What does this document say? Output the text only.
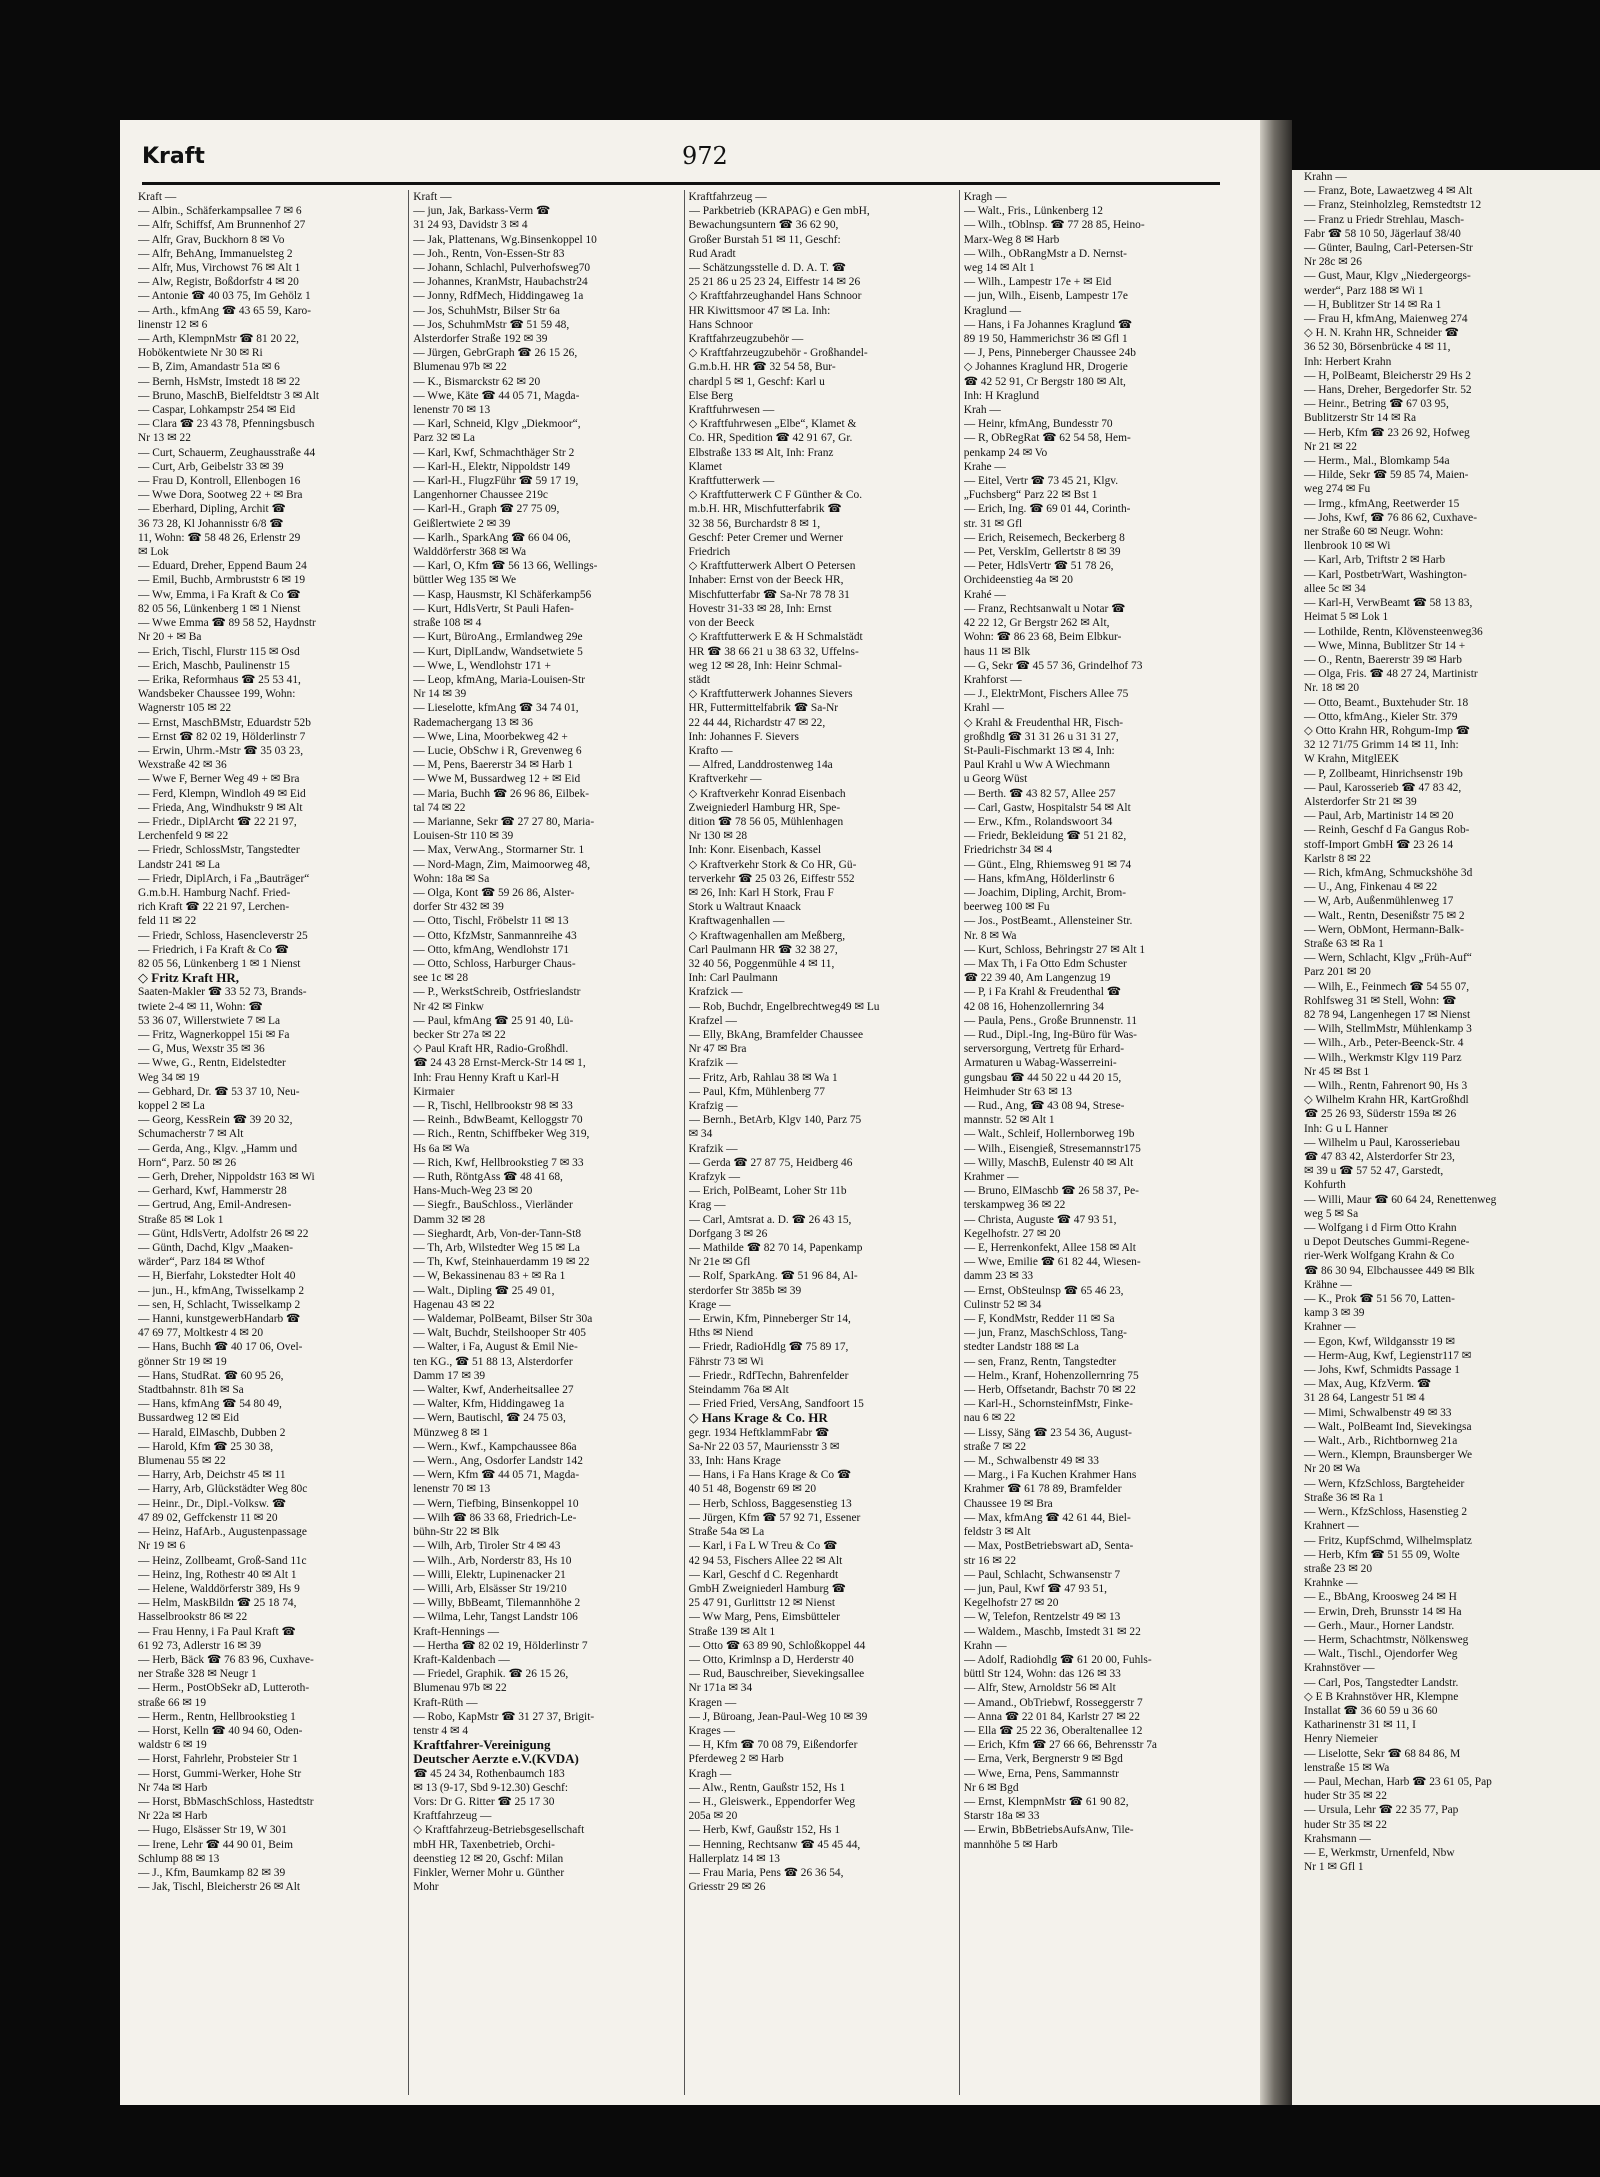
Kraft	972
Kraft —
— Albin., Schäferkampsallee 7 ✉ 6
— Alfr, Schiffsf, Am Brunnenhof 27
— Alfr, Grav, Buckhorn 8 ✉ Vo
— Alfr, BehAng, Immanuelsteg 2
— Alfr, Mus, Virchowst 76 ✉ Alt 1
— Alw, Registr, Boßdorfstr 4 ✉ 20
— Antonie ☎ 40 03 75, Im Gehölz 1
— Arth., kfmAng ☎ 43 65 59, Karo-
linenstr 12 ✉ 6
— Arth, KlempnMstr ☎ 81 20 22,
Hobökentwiete Nr 30 ✉ Ri
— B, Zim, Amandastr 51a ✉ 6
— Bernh, HsMstr, Imstedt 18 ✉ 22
— Bruno, MaschB, Bielfeldtstr 3 ✉ Alt
— Caspar, Lohkampstr 254 ✉ Eid
— Clara ☎ 23 43 78, Pfenningsbusch
Nr 13 ✉ 22
— Curt, Schauerm, Zeughausstraße 44
— Curt, Arb, Geibelstr 33 ✉ 39
— Frau D, Kontroll, Ellenbogen 16
— Wwe Dora, Sootweg 22 + ✉ Bra
— Eberhard, Dipling, Archit ☎
36 73 28, Kl Johannisstr 6/8 ☎
11, Wohn: ☎ 58 48 26, Erlenstr 29
✉ Lok
— Eduard, Dreher, Eppend Baum 24
— Emil, Buchb, Armbruststr 6 ✉ 19
— Ww, Emma, i Fa Kraft & Co ☎
82 05 56, Lünkenberg 1 ✉ 1 Nienst
— Wwe Emma ☎ 89 58 52, Haydnstr
Nr 20 + ✉ Ba
— Erich, Tischl, Flurstr 115 ✉ Osd
— Erich, Maschb, Paulinenstr 15
— Erika, Reformhaus ☎ 25 53 41,
Wandsbeker Chaussee 199, Wohn:
Wagnerstr 105 ✉ 22
— Ernst, MaschBMstr, Eduardstr 52b
— Ernst ☎ 82 02 19, Hölderlinstr 7
— Erwin, Uhrm.-Mstr ☎ 35 03 23,
Wexstraße 42 ✉ 36
— Wwe F, Berner Weg 49 + ✉ Bra
— Ferd, Klempn, Windloh 49 ✉ Eid
— Frieda, Ang, Windhukstr 9 ✉ Alt
— Friedr., DiplArcht ☎ 22 21 97,
Lerchenfeld 9 ✉ 22
— Friedr, SchlossMstr, Tangstedter
Landstr 241 ✉ La
— Friedr, DiplArch, i Fa „Bauträger“
G.m.b.H. Hamburg Nachf. Fried-
rich Kraft ☎ 22 21 97, Lerchen-
feld 11 ✉ 22
— Friedr, Schloss, Hasencleverstr 25
— Friedrich, i Fa Kraft & Co ☎
82 05 56, Lünkenberg 1 ✉ 1 Nienst
◇ Fritz Kraft HR,
Saaten-Makler ☎ 33 52 73, Brands-
twiete 2-4 ✉ 11, Wohn: ☎
53 36 07, Willerstwiete 7 ✉ La
— Fritz, Wagnerkoppel 15i ✉ Fa
— G, Mus, Wexstr 35 ✉ 36
— Wwe, G., Rentn, Eidelstedter
Weg 34 ✉ 19
— Gebhard, Dr. ☎ 53 37 10, Neu-
koppel 2 ✉ La
— Georg, KessRein ☎ 39 20 32,
Schumacherstr 7 ✉ Alt
— Gerda, Ang., Klgv. „Hamm und
Horn“, Parz. 50 ✉ 26
— Gerh, Dreher, Nippoldstr 163 ✉ Wi
— Gerhard, Kwf, Hammerstr 28
— Gertrud, Ang, Emil-Andresen-
Straße 85 ✉ Lok 1
— Günt, HdlsVertr, Adolfstr 26 ✉ 22
— Günth, Dachd, Klgv „Maaken-
wärder“, Parz 184 ✉ Wthof
— H, Bierfahr, Lokstedter Holt 40
— jun., H., kfmAng, Twisselkamp 2
— sen, H, Schlacht, Twisselkamp 2
— Hanni, kunstgewerbHandarb ☎
47 69 77, Moltkestr 4 ✉ 20
— Hans, Buchh ☎ 40 17 06, Ovel-
gönner Str 19 ✉ 19
— Hans, StudRat. ☎ 60 95 26,
Stadtbahnstr. 81h ✉ Sa
— Hans, kfmAng ☎ 54 80 49,
Bussardweg 12 ✉ Eid
— Harald, ElMaschb, Dubben 2
— Harold, Kfm ☎ 25 30 38,
Blumenau 55 ✉ 22
— Harry, Arb, Deichstr 45 ✉ 11
— Harry, Arb, Glückstädter Weg 80c
— Heinr., Dr., Dipl.-Volksw. ☎
47 89 02, Geffckenstr 11 ✉ 20
— Heinz, HafArb., Augustenpassage
Nr 19 ✉ 6
— Heinz, Zollbeamt, Groß-Sand 11c
— Heinz, Ing, Rothestr 40 ✉ Alt 1
— Helene, Walddörferstr 389, Hs 9
— Helm, MaskBildn ☎ 25 18 74,
Hasselbrookstr 86 ✉ 22
— Frau Henny, i Fa Paul Kraft ☎
61 92 73, Adlerstr 16 ✉ 39
— Herb, Bäck ☎ 76 83 96, Cuxhave-
ner Straße 328 ✉ Neugr 1
— Herm., PostObSekr aD, Lutteroth-
straße 66 ✉ 19
— Herm., Rentn, Hellbrookstieg 1
— Horst, Kelln ☎ 40 94 60, Oden-
waldstr 6 ✉ 19
— Horst, Fahrlehr, Probsteier Str 1
— Horst, Gummi-Werker, Hohe Str
Nr 74a ✉ Harb
— Horst, BbMaschSchloss, Hastedtstr
Nr 22a ✉ Harb
— Hugo, Elsässer Str 19, W 301
— Irene, Lehr ☎ 44 90 01, Beim
Schlump 88 ✉ 13
— J., Kfm, Baumkamp 82 ✉ 39
— Jak, Tischl, Bleicherstr 26 ✉ Alt
Kraft —
— jun, Jak, Barkass-Verm ☎
31 24 93, Davidstr 3 ✉ 4
— Jak, Plattenans, Wg.Binsenkoppel 10
— Joh., Rentn, Von-Essen-Str 83
— Johann, Schlachl, Pulverhofsweg70
— Johannes, KranMstr, Haubachstr24
— Jonny, RdfMech, Hiddingaweg 1a
— Jos, SchuhMstr, Bilser Str 6a
— Jos, SchuhmMstr ☎ 51 59 48,
Alsterdorfer Straße 192 ✉ 39
— Jürgen, GebrGraph ☎ 26 15 26,
Blumenau 97b ✉ 22
— K., Bismarckstr 62 ✉ 20
— Wwe, Käte ☎ 44 05 71, Magda-
lenenstr 70 ✉ 13
— Karl, Schneid, Klgv „Diekmoor“,
Parz 32 ✉ La
— Karl, Kwf, Schmachthäger Str 2
— Karl-H., Elektr, Nippoldstr 149
— Karl-H., FlugzFühr ☎ 59 17 19,
Langenhorner Chaussee 219c
— Karl-H., Graph ☎ 27 75 09,
Geißlertwiete 2 ✉ 39
— Karlh., SparkAng ☎ 66 04 06,
Walddörferstr 368 ✉ Wa
— Karl, O, Kfm ☎ 56 13 66, Wellings-
büttler Weg 135 ✉ We
— Kasp, Hausmstr, Kl Schäferkamp56
— Kurt, HdlsVertr, St Pauli Hafen-
straße 108 ✉ 4
— Kurt, BüroAng., Ermlandweg 29e
— Kurt, DiplLandw, Wandsetwiete 5
— Wwe, L, Wendlohstr 171 +
— Leop, kfmAng, Maria-Louisen-Str
Nr 14 ✉ 39
— Lieselotte, kfmAng ☎ 34 74 01,
Rademachergang 13 ✉ 36
— Wwe, Lina, Moorbekweg 42 +
— Lucie, ObSchw i R, Grevenweg 6
— M, Pens, Baererstr 34 ✉ Harb 1
— Wwe M, Bussardweg 12 + ✉ Eid
— Maria, Buchh ☎ 26 96 86, Eilbek-
tal 74 ✉ 22
— Marianne, Sekr ☎ 27 27 80, Maria-
Louisen-Str 110 ✉ 39
— Max, VerwAng., Stormarner Str. 1
— Nord-Magn, Zim, Maimoorweg 48,
Wohn: 18a ✉ Sa
— Olga, Kont ☎ 59 26 86, Alster-
dorfer Str 432 ✉ 39
— Otto, Tischl, Fröbelstr 11 ✉ 13
— Otto, KfzMstr, Sanmannreihe 43
— Otto, kfmAng, Wendlohstr 171
— Otto, Schloss, Harburger Chaus-
see 1c ✉ 28
— P., WerkstSchreib, Ostfrieslandstr
Nr 42 ✉ Finkw
— Paul, kfmAng ☎ 25 91 40, Lü-
becker Str 27a ✉ 22
◇ Paul Kraft HR, Radio-Großhdl.
☎ 24 43 28 Ernst-Merck-Str 14 ✉ 1,
Inh: Frau Henny Kraft u Karl-H
Kirmaier
— R, Tischl, Hellbrookstr 98 ✉ 33
— Reinh., BdwBeamt, Kelloggstr 70
— Rich., Rentn, Schiffbeker Weg 319,
Hs 6a ✉ Wa
— Rich, Kwf, Hellbrookstieg 7 ✉ 33
— Ruth, RöntgAss ☎ 48 41 68,
Hans-Much-Weg 23 ✉ 20
— Siegfr., BauSchloss., Vierländer
Damm 32 ✉ 28
— Sieghardt, Arb, Von-der-Tann-St8
— Th, Arb, Wilstedter Weg 15 ✉ La
— Th, Kwf, Steinhauerdamm 19 ✉ 22
— W, Bekassinenau 83 + ✉ Ra 1
— Walt., Dipling ☎ 25 49 01,
Hagenau 43 ✉ 22
— Waldemar, PolBeamt, Bilser Str 30a
— Walt, Buchdr, Steilshooper Str 405
— Walter, i Fa, August & Emil Nie-
ten KG., ☎ 51 88 13, Alsterdorfer
Damm 17 ✉ 39
— Walter, Kwf, Anderheitsallee 27
— Walter, Kfm, Hiddingaweg 1a
— Wern, Bautischl, ☎ 24 75 03,
Münzweg 8 ✉ 1
— Wern., Kwf., Kampchaussee 86a
— Wern., Ang, Osdorfer Landstr 142
— Wern, Kfm ☎ 44 05 71, Magda-
lenenstr 70 ✉ 13
— Wern, Tiefbing, Binsenkoppel 10
— Wilh ☎ 86 33 68, Friedrich-Le-
bühn-Str 22 ✉ Blk
— Wilh, Arb, Tiroler Str 4 ✉ 43
— Wilh., Arb, Norderstr 83, Hs 10
— Willi, Elektr, Lupinenacker 21
— Willi, Arb, Elsässer Str 19/210
— Willy, BbBeamt, Tilemannhöhe 2
— Wilma, Lehr, Tangst Landstr 106
Kraft-Hennings —
— Hertha ☎ 82 02 19, Hölderlinstr 7
Kraft-Kaldenbach —
— Friedel, Graphik. ☎ 26 15 26,
Blumenau 97b ✉ 22
Kraft-Rüth —
— Robo, KapMstr ☎ 31 27 37, Brigit-
tenstr 4 ✉ 4
Kraftfahrer-Vereinigung
Deutscher Aerzte e.V.(KVDA)
☎ 45 24 34, Rothenbaumch 183
✉ 13 (9-17, Sbd 9-12.30) Geschf:
Vors: Dr G. Ritter ☎ 25 17 30
Kraftfahrzeug —
◇ Kraftfahrzeug-Betriebsgesellschaft
mbH HR, Taxenbetrieb, Orchi-
deenstieg 12 ✉ 20, Gschf: Milan
Finkler, Werner Mohr u. Günther
Mohr
Kraftfahrzeug —
— Parkbetrieb (KRAPAG) e Gen mbH,
Bewachungsuntern ☎ 36 62 90,
Großer Burstah 51 ✉ 11, Geschf:
Rud Aradt
— Schätzungsstelle d. D. A. T. ☎
25 21 86 u 25 23 24, Eiffestr 14 ✉ 26
◇ Kraftfahrzeughandel Hans Schnoor
HR Kiwittsmoor 47 ✉ La. Inh:
Hans Schnoor
Kraftfahrzeugzubehör —
◇ Kraftfahrzeugzubehör - Großhandel-
G.m.b.H. HR ☎ 32 54 58, Bur-
chardpl 5 ✉ 1, Geschf: Karl u
Else Berg
Kraftfuhrwesen —
◇ Kraftfuhrwesen „Elbe“, Klamet &
Co. HR, Spedition ☎ 42 91 67, Gr.
Elbstraße 133 ✉ Alt, Inh: Franz
Klamet
Kraftfutterwerk —
◇ Kraftfutterwerk C F Günther & Co.
m.b.H. HR, Mischfutterfabrik ☎
32 38 56, Burchardstr 8 ✉ 1,
Geschf: Peter Cremer und Werner
Friedrich
◇ Kraftfutterwerk Albert O Petersen
Inhaber: Ernst von der Beeck HR,
Mischfutterfabr ☎ Sa-Nr 78 78 31
Hovestr 31-33 ✉ 28, Inh: Ernst
von der Beeck
◇ Kraftfutterwerk E & H Schmalstädt
HR ☎ 38 66 21 u 38 63 32, Uffelns-
weg 12 ✉ 28, Inh: Heinr Schmal-
städt
◇ Kraftfutterwerk Johannes Sievers
HR, Futtermittelfabrik ☎ Sa-Nr
22 44 44, Richardstr 47 ✉ 22,
Inh: Johannes F. Sievers
Krafto —
— Alfred, Landdrostenweg 14a
Kraftverkehr —
◇ Kraftverkehr Konrad Eisenbach
Zweigniederl Hamburg HR, Spe-
dition ☎ 78 56 05, Mühlenhagen
Nr 130 ✉ 28
Inh: Konr. Eisenbach, Kassel
◇ Kraftverkehr Stork & Co HR, Gü-
terverkehr ☎ 25 03 26, Eiffestr 552
✉ 26, Inh: Karl H Stork, Frau F
Stork u Waltraut Knaack
Kraftwagenhallen —
◇ Kraftwagenhallen am Meßberg,
Carl Paulmann HR ☎ 32 38 27,
32 40 56, Poggenmühle 4 ✉ 11,
Inh: Carl Paulmann
Krafzick —
— Rob, Buchdr, Engelbrechtweg49 ✉ Lu
Krafzel —
— Elly, BkAng, Bramfelder Chaussee
Nr 47 ✉ Bra
Krafzik —
— Fritz, Arb, Rahlau 38 ✉ Wa 1
— Paul, Kfm, Mühlenberg 77
Krafzig —
— Bernh., BetArb, Klgv 140, Parz 75
✉ 34
Krafzik —
— Gerda ☎ 27 87 75, Heidberg 46
Krafzyk —
— Erich, PolBeamt, Loher Str 11b
Krag —
— Carl, Amtsrat a. D. ☎ 26 43 15,
Dorfgang 3 ✉ 26
— Mathilde ☎ 82 70 14, Papenkamp
Nr 21e ✉ Gfl
— Rolf, SparkAng. ☎ 51 96 84, Al-
sterdorfer Str 385b ✉ 39
Krage —
— Erwin, Kfm, Pinneberger Str 14,
Hths ✉ Niend
— Friedr, RadioHdlg ☎ 75 89 17,
Fährstr 73 ✉ Wi
— Friedr., RdfTechn, Bahrenfelder
Steindamm 76a ✉ Alt
— Fried Fried, VersAng, Sandfoort 15
◇ Hans Krage & Co. HR
gegr. 1934 HeftklammFabr ☎
Sa-Nr 22 03 57, Mauriensstr 3 ✉
33, Inh: Hans Krage
— Hans, i Fa Hans Krage & Co ☎
40 51 48, Bogenstr 69 ✉ 20
— Herb, Schloss, Baggesenstieg 13
— Jürgen, Kfm ☎ 57 92 71, Essener
Straße 54a ✉ La
— Karl, i Fa L W Treu & Co ☎
42 94 53, Fischers Allee 22 ✉ Alt
— Karl, Geschf d C. Regenhardt
GmbH Zweigniederl Hamburg ☎
25 47 91, Gurlittstr 12 ✉ Nienst
— Ww Marg, Pens, Eimsbütteler
Straße 139 ✉ Alt 1
— Otto ☎ 63 89 90, Schloßkoppel 44
— Otto, Krimlnsp a D, Herderstr 40
— Rud, Bauschreiber, Sievekingsallee
Nr 171a ✉ 34
Kragen —
— J, Büroang, Jean-Paul-Weg 10 ✉ 39
Krages —
— H, Kfm ☎ 70 08 79, Eißendorfer
Pferdeweg 2 ✉ Harb
Kragh —
— Alw., Rentn, Gaußstr 152, Hs 1
— H., Gleiswerk., Eppendorfer Weg
205a ✉ 20
— Herb, Kwf, Gaußstr 152, Hs 1
— Henning, Rechtsanw ☎ 45 45 44,
Hallerplatz 14 ✉ 13
— Frau Maria, Pens ☎ 26 36 54,
Griesstr 29 ✉ 26
Kragh —
— Walt., Fris., Lünkenberg 12
— Wilh., tOblnsp. ☎ 77 28 85, Heino-
Marx-Weg 8 ✉ Harb
— Wilh., ObRangMstr a D. Nernst-
weg 14 ✉ Alt 1
— Wilh., Lampestr 17e + ✉ Eid
— jun, Wilh., Eisenb, Lampestr 17e
Kraglund —
— Hans, i Fa Johannes Kraglund ☎
89 19 50, Hammerichstr 36 ✉ Gfl 1
— J, Pens, Pinneberger Chaussee 24b
◇ Johannes Kraglund HR, Drogerie
☎ 42 52 91, Cr Bergstr 180 ✉ Alt,
Inh: H Kraglund
Krah —
— Heinr, kfmAng, Bundesstr 70
— R, ObRegRat ☎ 62 54 58, Hem-
penkamp 24 ✉ Vo
Krahe —
— Eitel, Vertr ☎ 73 45 21, Klgv.
„Fuchsberg“ Parz 22 ✉ Bst 1
— Erich, Ing. ☎ 69 01 44, Corinth-
str. 31 ✉ Gfl
— Erich, Reisemech, Beckerberg 8
— Pet, VerskIm, Gellertstr 8 ✉ 39
— Peter, HdlsVertr ☎ 51 78 26,
Orchideenstieg 4a ✉ 20
Krahé —
— Franz, Rechtsanwalt u Notar ☎
42 22 12, Gr Bergstr 262 ✉ Alt,
Wohn: ☎ 86 23 68, Beim Elbkur-
haus 11 ✉ Blk
— G, Sekr ☎ 45 57 36, Grindelhof 73
Krahforst —
— J., ElektrMont, Fischers Allee 75
Krahl —
◇ Krahl & Freudenthal HR, Fisch-
großhdlg ☎ 31 31 26 u 31 31 27,
St-Pauli-Fischmarkt 13 ✉ 4, Inh:
Paul Krahl u Ww A Wiechmann
u Georg Wüst
— Berth. ☎ 43 82 57, Allee 257
— Carl, Gastw, Hospitalstr 54 ✉ Alt
— Erw., Kfm., Rolandswoort 34
— Friedr, Bekleidung ☎ 51 21 82,
Friedrichstr 34 ✉ 4
— Günt., Elng, Rhiemsweg 91 ✉ 74
— Hans, kfmAng, Hölderlinstr 6
— Joachim, Dipling, Archit, Brom-
beerweg 100 ✉ Fu
— Jos., PostBeamt., Allensteiner Str.
Nr. 8 ✉ Wa
— Kurt, Schloss, Behringstr 27 ✉ Alt 1
— Max Th, i Fa Otto Edm Schuster
☎ 22 39 40, Am Langenzug 19
— P, i Fa Krahl & Freudenthal ☎
42 08 16, Hohenzollernring 34
— Paula, Pens., Große Brunnenstr. 11
— Rud., Dipl.-Ing, Ing-Büro für Was-
serversorgung, Vertretg für Erhard-
Armaturen u Wabag-Wasserreini-
gungsbau ☎ 44 50 22 u 44 20 15,
Heimhuder Str 63 ✉ 13
— Rud., Ang, ☎ 43 08 94, Strese-
mannstr. 52 ✉ Alt 1
— Walt., Schleif, Hollernborweg 19b
— Wilh., Eisengieß, Stresemannstr175
— Willy, MaschB, Eulenstr 40 ✉ Alt
Krahmer —
— Bruno, ElMaschb ☎ 26 58 37, Pe-
terskampweg 36 ✉ 22
— Christa, Auguste ☎ 47 93 51,
Kegelhofstr. 27 ✉ 20
— E, Herrenkonfekt, Allee 158 ✉ Alt
— Wwe, Emilie ☎ 61 82 44, Wiesen-
damm 23 ✉ 33
— Ernst, ObSteulnsp ☎ 65 46 23,
Culinstr 52 ✉ 34
— F, KondMstr, Redder 11 ✉ Sa
— jun, Franz, MaschSchloss, Tang-
stedter Landstr 188 ✉ La
— sen, Franz, Rentn, Tangstedter
— Helm., Kranf, Hohenzollernring 75
— Herb, Offsetandr, Bachstr 70 ✉ 22
— Karl-H., SchornsteinfMstr, Finke-
nau 6 ✉ 22
— Lissy, Säng ☎ 23 54 36, August-
straße 7 ✉ 22
— M., Schwalbenstr 49 ✉ 33
— Marg., i Fa Kuchen Krahmer Hans
Krahmer ☎ 61 78 89, Bramfelder
Chaussee 19 ✉ Bra
— Max, kfmAng ☎ 42 61 44, Biel-
feldstr 3 ✉ Alt
— Max, PostBetriebswart aD, Senta-
str 16 ✉ 22
— Paul, Schlacht, Schwansenstr 7
— jun, Paul, Kwf ☎ 47 93 51,
Kegelhofstr 27 ✉ 20
— W, Telefon, Rentzelstr 49 ✉ 13
— Waldem., Maschb, Imstedt 31 ✉ 22
Krahn —
— Adolf, Radiohdlg ☎ 61 20 00, Fuhls-
büttl Str 124, Wohn: das 126 ✉ 33
— Alfr, Stew, Arnoldstr 56 ✉ Alt
— Amand., ObTriebwf, Rosseggerstr 7
— Anna ☎ 22 01 84, Karlstr 27 ✉ 22
— Ella ☎ 25 22 36, Oberaltenallee 12
— Erich, Kfm ☎ 27 66 66, Behrensstr 7a
— Erna, Verk, Bergnerstr 9 ✉ Bgd
— Wwe, Erna, Pens, Sammannstr
Nr 6 ✉ Bgd
— Ernst, KlempnMstr ☎ 61 90 82,
Starstr 18a ✉ 33
— Erwin, BbBetriebsAufsAnw, Tile-
mannhöhe 5 ✉ Harb
Krahn —
— Franz, Bote, Lawaetzweg 4 ✉ Alt
— Franz, Steinholzleg, Remstedtstr 12
— Franz u Friedr Strehlau, Masch-
Fabr ☎ 58 10 50, Jägerlauf 38/40
— Günter, Baulng, Carl-Petersen-Str
Nr 28c ✉ 26
— Gust, Maur, Klgv „Niedergeorgs-
werder“, Parz 188 ✉ Wi 1
— H, Bublitzer Str 14 ✉ Ra 1
— Frau H, kfmAng, Maienweg 274
◇ H. N. Krahn HR, Schneider ☎
36 52 30, Börsenbrücke 4 ✉ 11,
Inh: Herbert Krahn
— H, PolBeamt, Bleicherstr 29 Hs 2
— Hans, Dreher, Bergedorfer Str. 52
— Heinr., Betring ☎ 67 03 95,
Bublitzerstr Str 14 ✉ Ra
— Herb, Kfm ☎ 23 26 92, Hofweg
Nr 21 ✉ 22
— Herm., Mal., Blomkamp 54a
— Hilde, Sekr ☎ 59 85 74, Maien-
weg 274 ✉ Fu
— Irmg., kfmAng, Reetwerder 15
— Johs, Kwf, ☎ 76 86 62, Cuxhave-
ner Straße 60 ✉ Neugr. Wohn:
llenbrook 10 ✉ Wi
— Karl, Arb, Triftstr 2 ✉ Harb
— Karl, PostbetrWart, Washington-
allee 5c ✉ 34
— Karl-H, VerwBeamt ☎ 58 13 83,
Heimat 5 ✉ Lok 1
— Lothilde, Rentn, Klövensteenweg36
— Wwe, Minna, Bublitzer Str 14 +
— O., Rentn, Baererstr 39 ✉ Harb
— Olga, Fris. ☎ 48 27 24, Martinistr
Nr. 18 ✉ 20
— Otto, Beamt., Buxtehuder Str. 18
— Otto, kfmAng., Kieler Str. 379
◇ Otto Krahn HR, Rohgum-Imp ☎
32 12 71/75 Grimm 14 ✉ 11, Inh:
W Krahn, MitglEEK
— P, Zollbeamt, Hinrichsenstr 19b
— Paul, Karosserieb ☎ 47 83 42,
Alsterdorfer Str 21 ✉ 39
— Paul, Arb, Martinistr 14 ✉ 20
— Reinh, Geschf d Fa Gangus Rob-
stoff-Import GmbH ☎ 23 26 14
Karlstr 8 ✉ 22
— Rich, kfmAng, Schmuckshöhe 3d
— U., Ang, Finkenau 4 ✉ 22
— W, Arb, Außenmühlenweg 17
— Walt., Rentn, Desenißstr 75 ✉ 2
— Wern, ObMont, Hermann-Balk-
Straße 63 ✉ Ra 1
— Wern, Schlacht, Klgv „Früh-Auf“
Parz 201 ✉ 20
— Wilh, E., Feinmech ☎ 54 55 07,
Rohlfsweg 31 ✉ Stell, Wohn: ☎
82 78 94, Langenhegen 17 ✉ Nienst
— Wilh, StellmMstr, Mühlenkamp 3
— Wilh., Arb., Peter-Beenck-Str. 4
— Wilh., Werkmstr Klgv 119 Parz
Nr 45 ✉ Bst 1
— Wilh., Rentn, Fahrenort 90, Hs 3
◇ Wilhelm Krahn HR, KartGroßhdl
☎ 25 26 93, Süderstr 159a ✉ 26
Inh: G u L Hanner
— Wilhelm u Paul, Karosseriebau
☎ 47 83 42, Alsterdorfer Str 23,
✉ 39 u ☎ 57 52 47, Garstedt,
Kohfurth
— Willi, Maur ☎ 60 64 24, Renettenweg
weg 5 ✉ Sa
— Wolfgang i d Firm Otto Krahn
u Depot Deutsches Gummi-Regene-
rier-Werk Wolfgang Krahn & Co
☎ 86 30 94, Elbchaussee 449 ✉ Blk
Krähne —
— K., Prok ☎ 51 56 70, Latten-
kamp 3 ✉ 39
Krahner —
— Egon, Kwf, Wildgansstr 19 ✉
— Herm-Aug, Kwf, Legienstr117 ✉
— Johs, Kwf, Schmidts Passage 1
— Max, Aug, KfzVerm. ☎
31 28 64, Langestr 51 ✉ 4
— Mimi, Schwalbenstr 49 ✉ 33
— Walt., PolBeamt Ind, Sievekingsa
— Walt., Arb., Richtbornweg 21a
— Wern., Klempn, Braunsberger We
Nr 20 ✉ Wa
— Wern, KfzSchloss, Bargteheider
Straße 36 ✉ Ra 1
— Wern., KfzSchloss, Hasenstieg 2
Krahnert —
— Fritz, KupfSchmd, Wilhelmsplatz
— Herb, Kfm ☎ 51 55 09, Wolte
straße 23 ✉ 20
Krahnke —
— E., BbAng, Kroosweg 24 ✉ H
— Erwin, Dreh, Brunsstr 14 ✉ Ha
— Gerh., Maur., Horner Landstr.
— Herm, Schachtmstr, Nölkensweg
— Walt., Tischl., Ojendorfer Weg
Krahnstöver —
— Carl, Pos, Tangstedter Landstr.
◇ E B Krahnstöver HR, Klempne
Installat ☎ 36 60 59 u 36 60
Katharinenstr 31 ✉ 11, I
Henry Niemeier
— Liselotte, Sekr ☎ 68 84 86, M
lenstraße 15 ✉ Wa
— Paul, Mechan, Harb ☎ 23 61 05, Pap
huder Str 35 ✉ 22
— Ursula, Lehr ☎ 22 35 77, Pap
huder Str 35 ✉ 22
Krahsmann —
— E, Werkmstr, Urnenfeld, Nbw
Nr 1 ✉ Gfl 1
